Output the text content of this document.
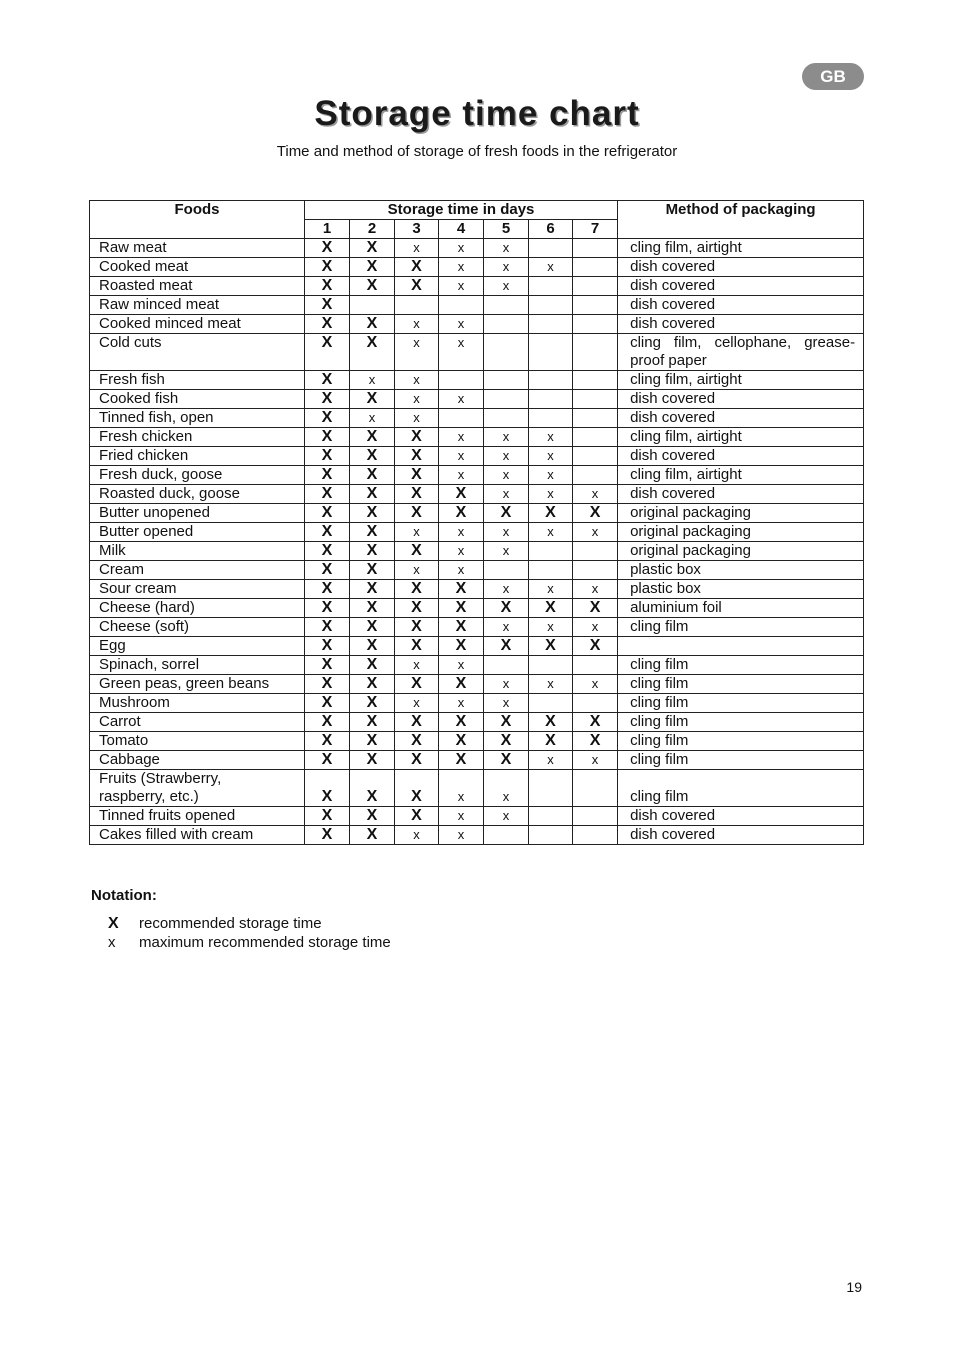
GB
Storage time chart
Time and method of storage of fresh foods in the refrigerator
Foods	Storage time in days							Method of packaging
	1	2	3	4	5	6	7	

Raw meat	X	X	x	x	x			cling film, airtight

Cooked meat	X	X	X	x	x	x		dish covered

Roasted meat	X	X	X	x	x			dish covered

Raw minced meat	X							dish covered

Cooked minced meat	X	X	x	x				dish covered

Cold cuts	X	X	x	x				cling film, cellophane, grease-
proof paper

Fresh fish	X	x	x					cling film, airtight

Cooked fish	X	X	x	x				dish covered

Tinned fish, open	X	x	x					dish covered

Fresh chicken	X	X	X	x	x	x		cling film, airtight

Fried chicken	X	X	X	x	x	x		dish covered

Fresh duck, goose	X	X	X	x	x	x		cling film, airtight

Roasted duck, goose	X	X	X	X	x	x	x	dish covered

Butter unopened	X	X	X	X	X	X	X	original packaging

Butter opened	X	X	x	x	x	x	x	original packaging

Milk	X	X	X	x	x			original packaging

Cream	X	X	x	x				plastic box

Sour cream	X	X	X	X	x	x	x	plastic box

Cheese (hard)	X	X	X	X	X	X	X	aluminium foil

Cheese (soft)	X	X	X	X	x	x	x	cling film

Egg	X	X	X	X	X	X	X	

Spinach, sorrel	X	X	x	x				cling film

Green peas, green beans	X	X	X	X	x	x	x	cling film

Mushroom	X	X	x	x	x			cling film

Carrot	X	X	X	X	X	X	X	cling film

Tomato	X	X	X	X	X	X	X	cling film

Cabbage	X	X	X	X	X	x	x	cling film

Fruits (Strawberry,
raspberry, etc.)	X	X	X	x	x			cling film

Tinned fruits opened	X	X	X	x	x			dish covered

Cakes filled with cream	X	X	x	x				dish covered
Notation:
X recommended storage time
x maximum recommended storage time
19
